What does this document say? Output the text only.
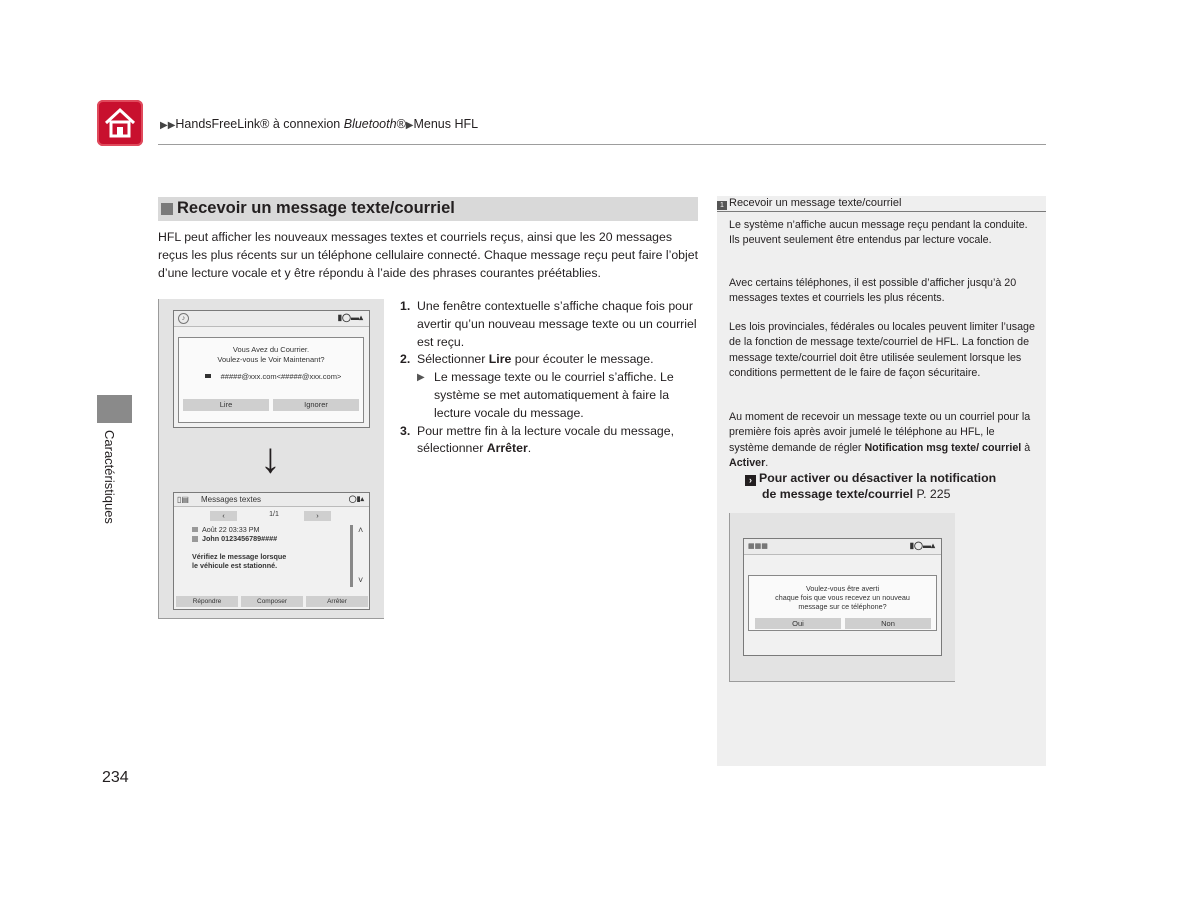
▶▶HandsFreeLink® à connexion Bluetooth®▶Menus HFL
Caractéristiques
234
Recevoir un message texte/courriel
HFL peut afficher les nouveaux messages textes et courriels reçus, ainsi que les 20 messages reçus les plus récents sur un téléphone cellulaire connecté. Chaque message reçu peut faire l’objet d’une lecture vocale et y être répondu à l’aide des phrases courantes préétablies.
♪	▮◯▬▴
Vous Avez du Courrier.
Voulez-vous le Voir Maintenant?
#####@xxx.com<#####@xxx.com>
Lire	Ignorer
▯▤ Messages textes	◯▮▴
‹	1/1	›
Août 22 03:33 PM
John 0123456789####
Vérifiez le message lorsque
le véhicule est stationné.
˄
˅
Répondre	Composer	Arrêter
↓
1. Une fenêtre contextuelle s’affiche chaque fois pour avertir qu’un nouveau message texte ou un courriel est reçu.
2. Sélectionner Lire pour écouter le message.
▶ Le message texte ou le courriel s’affiche. Le système se met automatiquement à faire la lecture vocale du message.
3. Pour mettre fin à la lecture vocale du message, sélectionner Arrêter.
1 Recevoir un message texte/courriel
Le système n’affiche aucun message reçu pendant la conduite. Ils peuvent seulement être entendus par lecture vocale.
Avec certains téléphones, il est possible d’afficher jusqu’à 20 messages textes et courriels les plus récents.
Les lois provinciales, fédérales ou locales peuvent limiter l’usage de la fonction de message texte/courriel de HFL. La fonction de message texte/courriel doit être utilisée seulement lorsque les conditions permettent de le faire de façon sécuritaire.
Au moment de recevoir un message texte ou un courriel pour la première fois après avoir jumelé le téléphone au HFL, le système demande de régler Notification msg texte/ courriel à Activer.
› Pour activer ou désactiver la notification
de message texte/courriel P. 225
▦▦▦	▮◯▬▴
Voulez-vous être averti
chaque fois que vous recevez un nouveau
message sur ce téléphone?
Oui	Non
